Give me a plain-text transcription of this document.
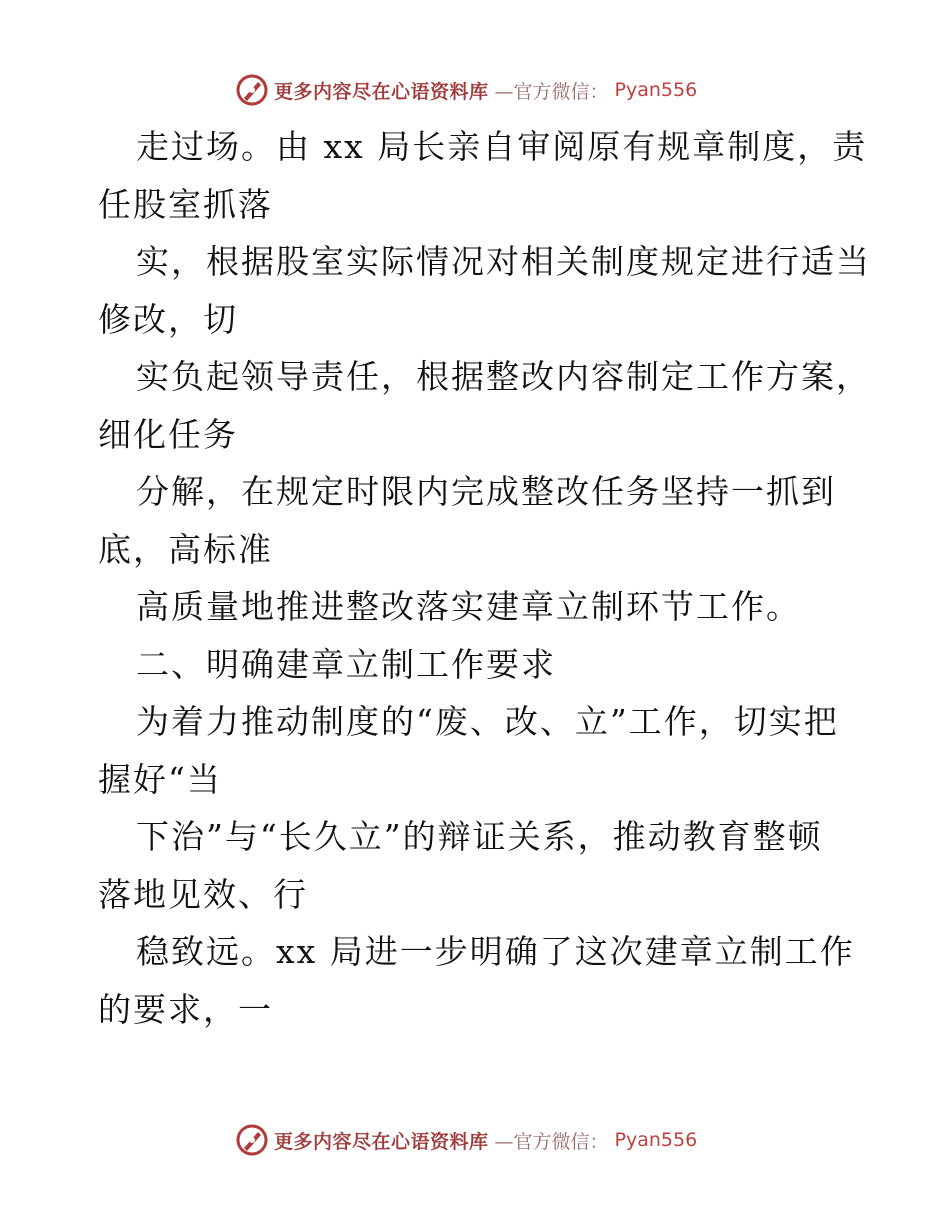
更多内容尽在心语资料库 —官方微信： Pyan556
走过场。由 xx 局长亲自审阅原有规章制度，责
任股室抓落
实，根据股室实际情况对相关制度规定进行适当
修改，切
实负起领导责任，根据整改内容制定工作方案，
细化任务
分解，在规定时限内完成整改任务坚持一抓到
底，高标准
高质量地推进整改落实建章立制环节工作。
二、明确建章立制工作要求
为着力推动制度的“废、改、立”工作，切实把
握好“当
下治”与“长久立”的辩证关系，推动教育整顿
落地见效、行
稳致远。xx 局进一步明确了这次建章立制工作
的要求，一
更多内容尽在心语资料库 —官方微信： Pyan556
